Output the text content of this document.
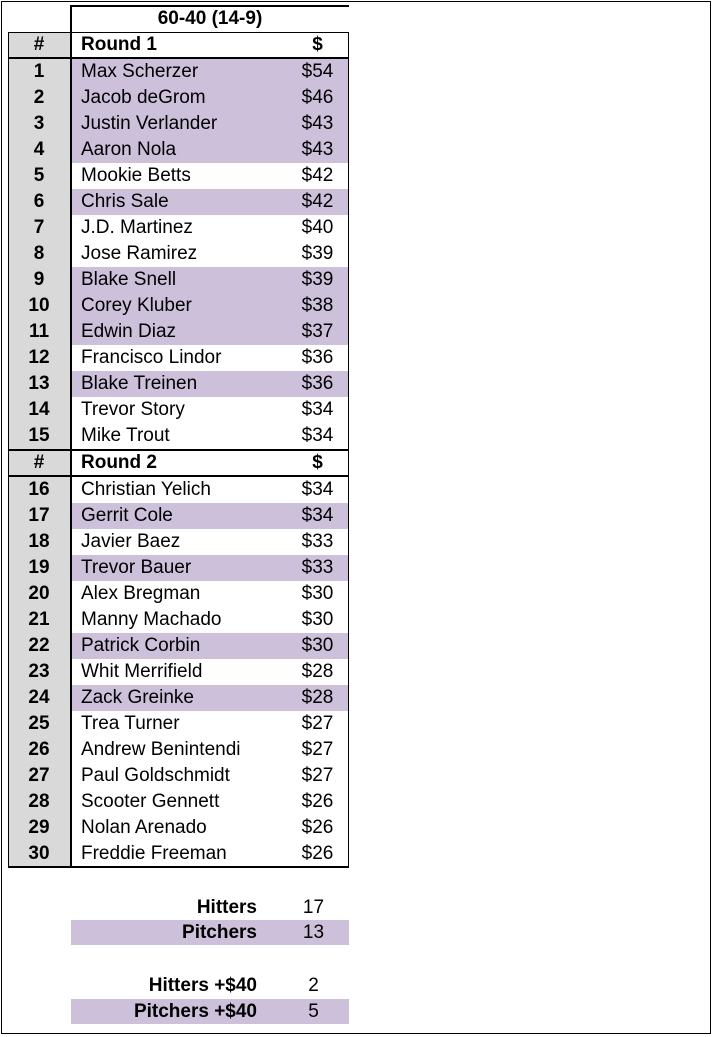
60-40 (14-9)
#	Round 1	$
1	Max Scherzer	$54
2	Jacob deGrom	$46
3	Justin Verlander	$43
4	Aaron Nola	$43
5	Mookie Betts	$42
6	Chris Sale	$42
7	J.D. Martinez	$40
8	Jose Ramirez	$39
9	Blake Snell	$39
10	Corey Kluber	$38
11	Edwin Diaz	$37
12	Francisco Lindor	$36
13	Blake Treinen	$36
14	Trevor Story	$34
15	Mike Trout	$34
#	Round 2	$
16	Christian Yelich	$34
17	Gerrit Cole	$34
18	Javier Baez	$33
19	Trevor Bauer	$33
20	Alex Bregman	$30
21	Manny Machado	$30
22	Patrick Corbin	$30
23	Whit Merrifield	$28
24	Zack Greinke	$28
25	Trea Turner	$27
26	Andrew Benintendi	$27
27	Paul Goldschmidt	$27
28	Scooter Gennett	$26
29	Nolan Arenado	$26
30	Freddie Freeman	$26
Hitters	17
Pitchers	13
Hitters +$40	2
Pitchers +$40	5
